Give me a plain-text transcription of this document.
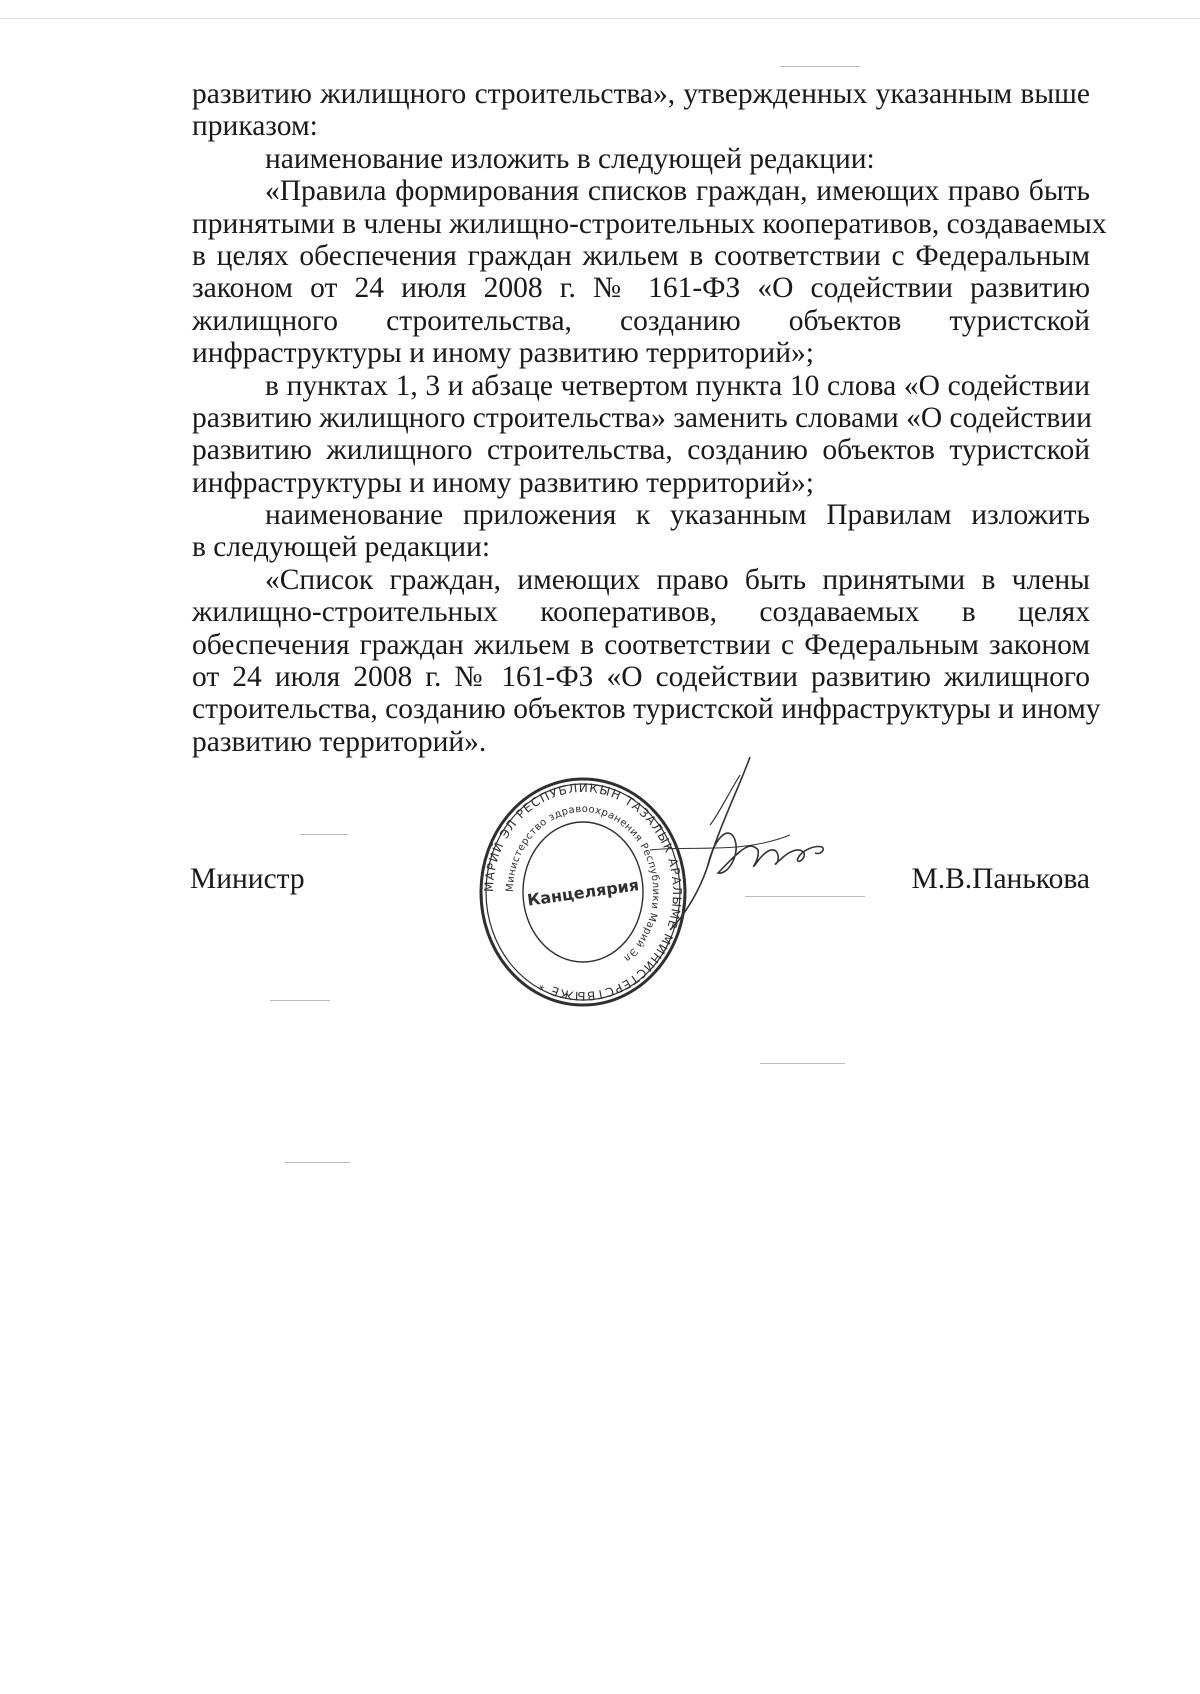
развитию жилищного строительства», утвержденных указанным выше
приказом:
наименование изложить в следующей редакции:
«Правила формирования списков граждан, имеющих право быть
принятыми в члены жилищно-строительных кооперативов, создаваемых
в целях обеспечения граждан жильем в соответствии с Федеральным
законом от 24 июля 2008 г. № 161-ФЗ «О содействии развитию
жилищного строительства, созданию объектов туристской
инфраструктуры и иному развитию территорий»;
в пунктах 1, 3 и абзаце четвертом пункта 10 слова «О содействии
развитию жилищного строительства» заменить словами «О содействии
развитию жилищного строительства, созданию объектов туристской
инфраструктуры и иному развитию территорий»;
наименование приложения к указанным Правилам изложить
в следующей редакции:
«Список граждан, имеющих право быть принятыми в члены
жилищно-строительных кооперативов, создаваемых в целях
обеспечения граждан жильем в соответствии с Федеральным законом
от 24 июля 2008 г. № 161-ФЗ «О содействии развитию жилищного
строительства, созданию объектов туристской инфраструктуры и иному
развитию территорий».
Министр	М.В.Панькова
МАРИЙ ЭЛ РЕСПУБЛИКЫН ТАЗАЛЫК АРАЛЫМЕ МИНИСТЕРСТВЫЖЕ *
Министерство здравоохранения Республики Марий Эл
Канцелярия
